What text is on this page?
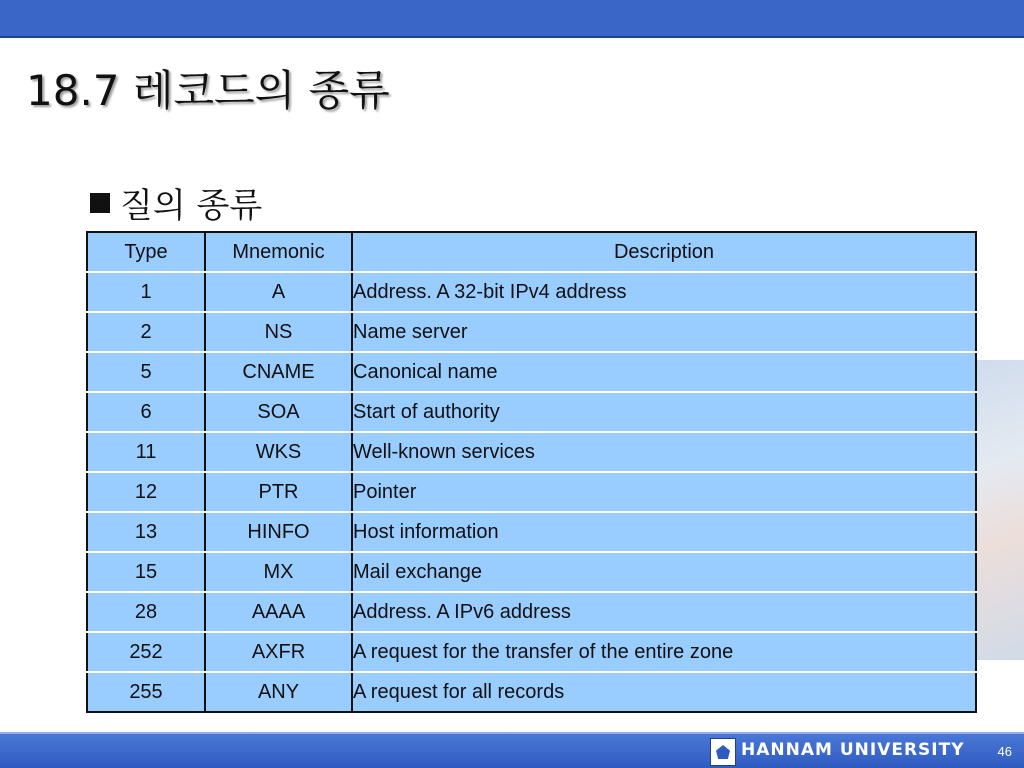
18.7 레코드의 종류
질의 종류
Type	Mnemonic	Description
1	A	Address. A 32-bit IPv4 address
2	NS	Name server
5	CNAME	Canonical name
6	SOA	Start of authority
11	WKS	Well-known services
12	PTR	Pointer
13	HINFO	Host information
15	MX	Mail exchange
28	AAAA	Address. A IPv6 address
252	AXFR	A request for the transfer of the entire zone
255	ANY	A request for all records
HANNAM UNIVERSITY	46
